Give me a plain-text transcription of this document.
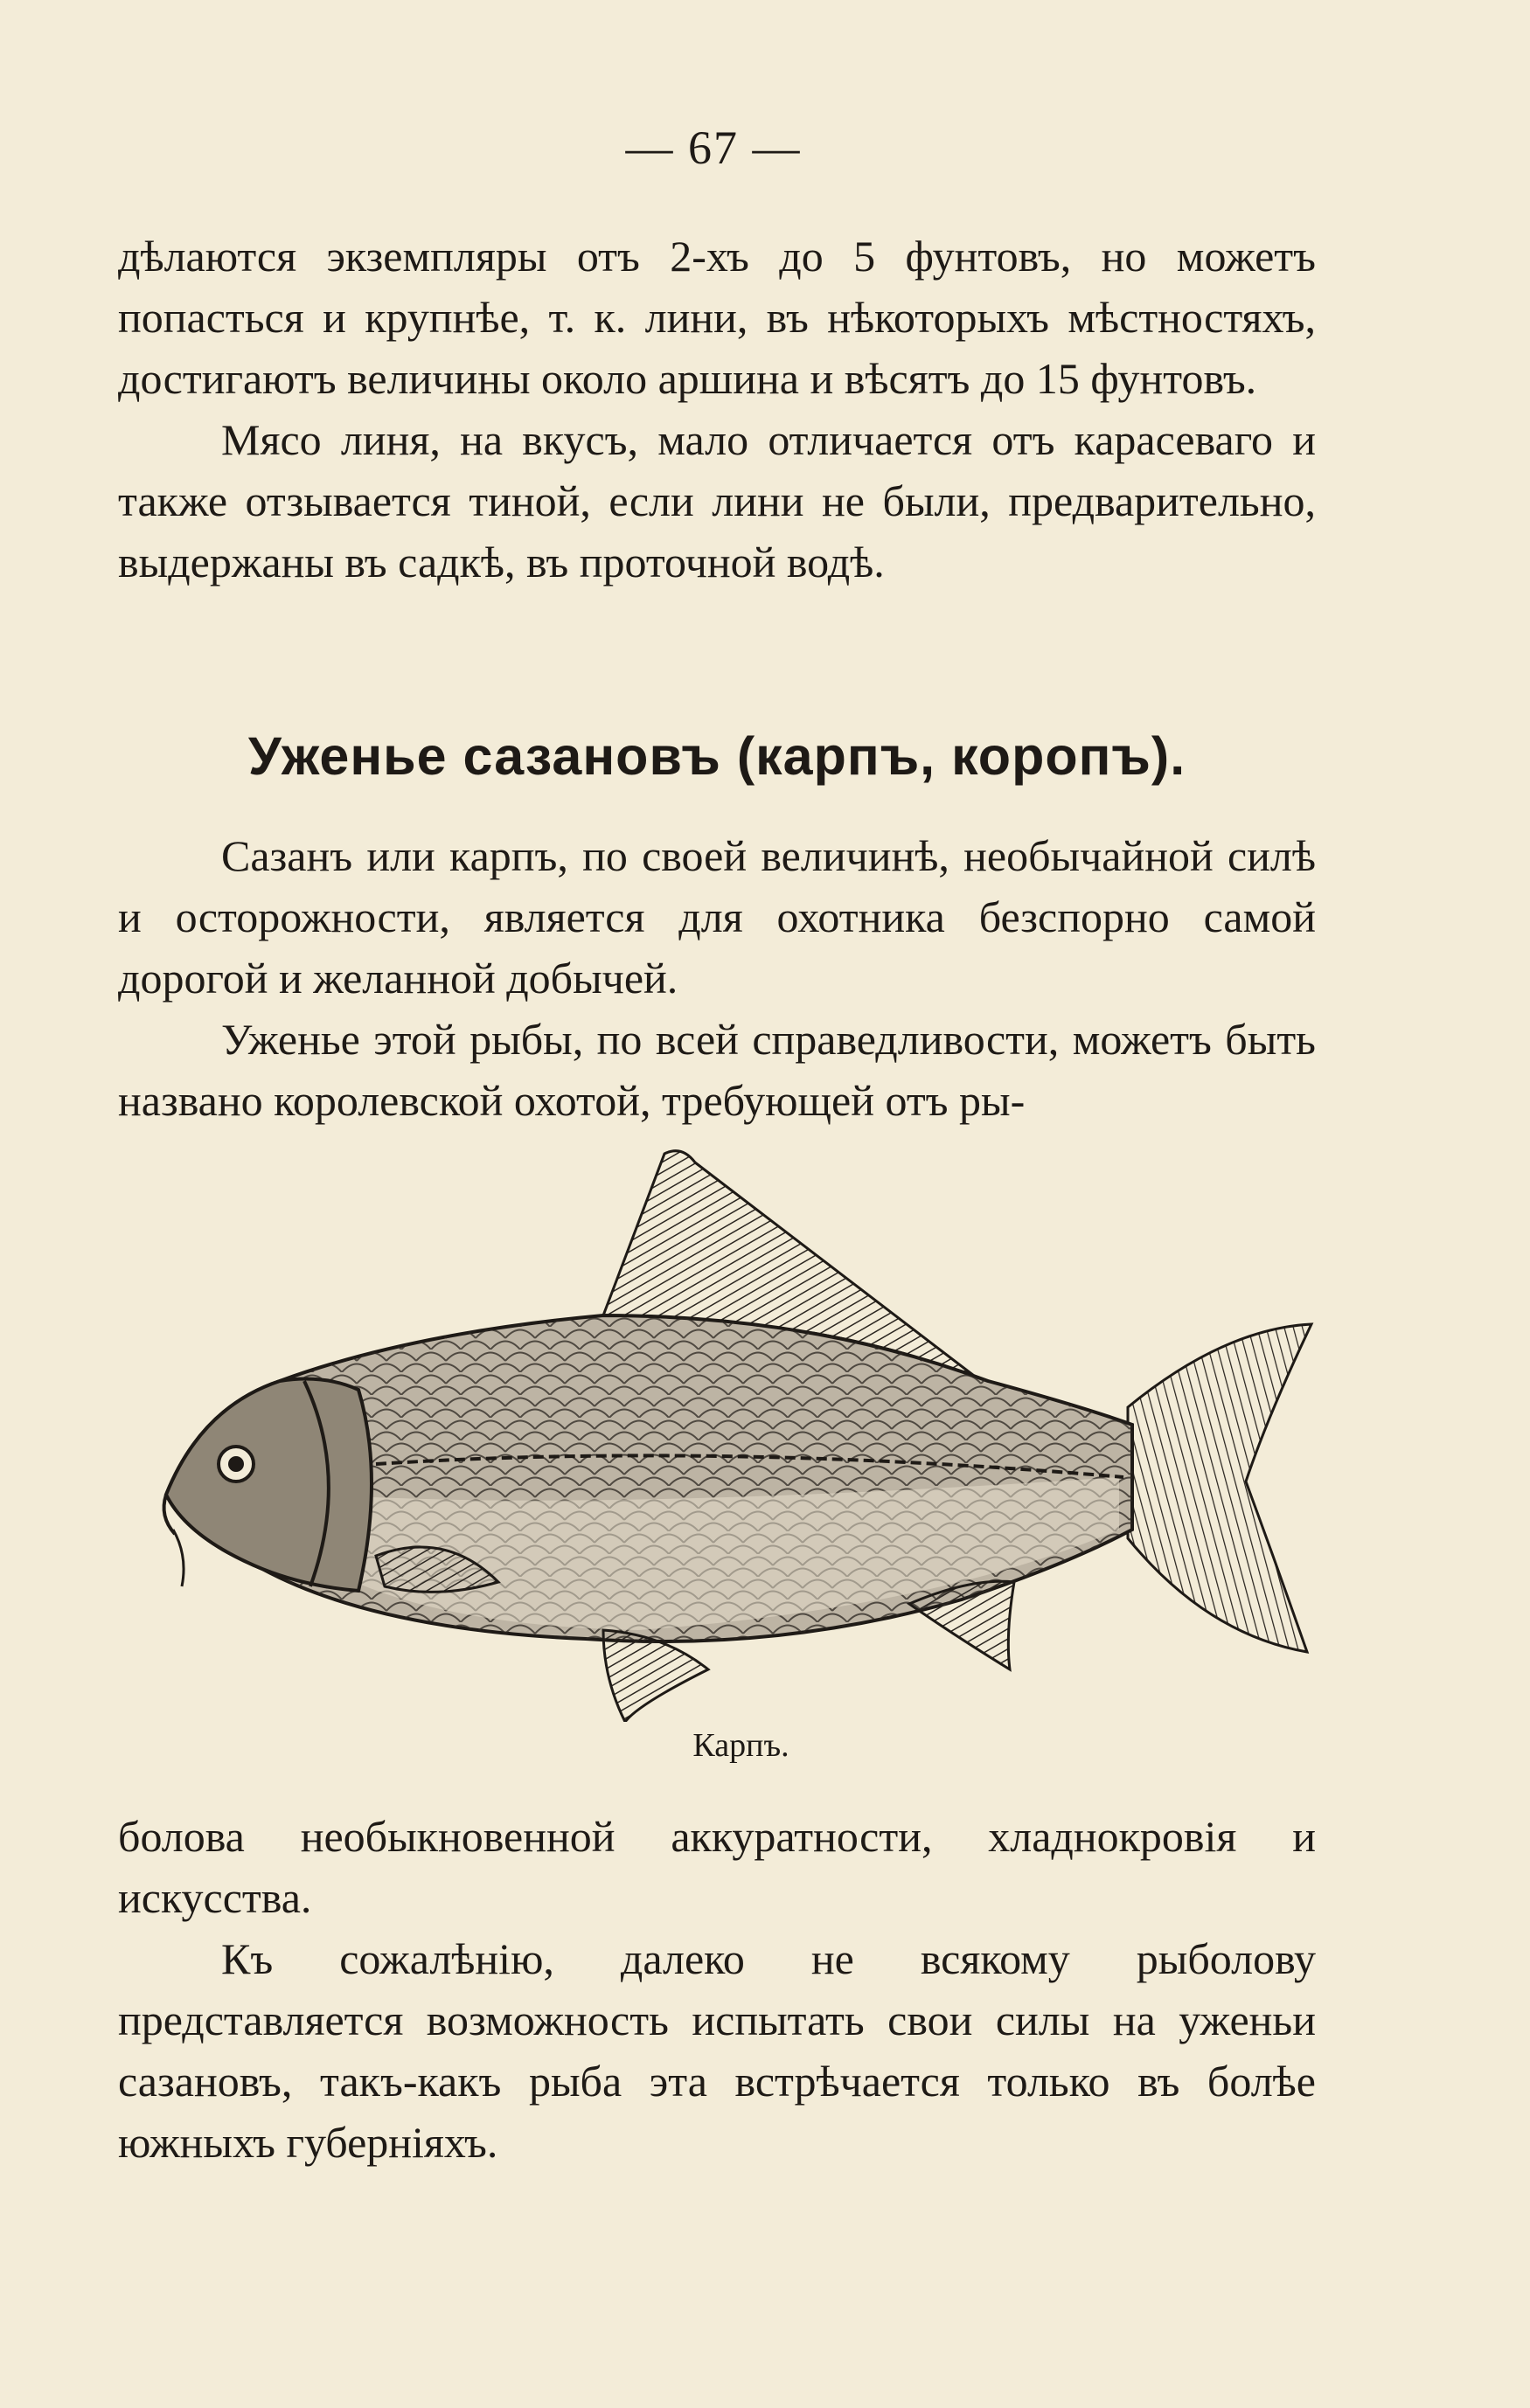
— 67 —

дѣлаются экземпляры отъ 2-хъ до 5 фунтовъ, но можетъ попасться и крупнѣе, т. к. лини, въ нѣкоторыхъ мѣстностяхъ, достигаютъ величины около аршина и вѣсятъ до 15 фунтовъ.

Мясо линя, на вкусъ, мало отличается отъ карасеваго и также отзывается тиной, если лини не были, предварительно, выдержаны въ садкѣ, въ проточной водѣ.

Уженье сазановъ (карпъ, коропъ).

Сазанъ или карпъ, по своей величинѣ, необычайной силѣ и осторожности, является для охотника безспорно самой дорогой и желанной добычей.

Уженье этой рыбы, по всей справедливости, можетъ быть названо королевской охотой, требующей отъ ры-

Карпъ.

болова необыкновенной аккуратности, хладнокровія и искусства.

Къ сожалѣнію, далеко не всякому рыболову представляется возможность испытать свои силы на уженьи сазановъ, такъ-какъ рыба эта встрѣчается только въ болѣе южныхъ губерніяхъ.
